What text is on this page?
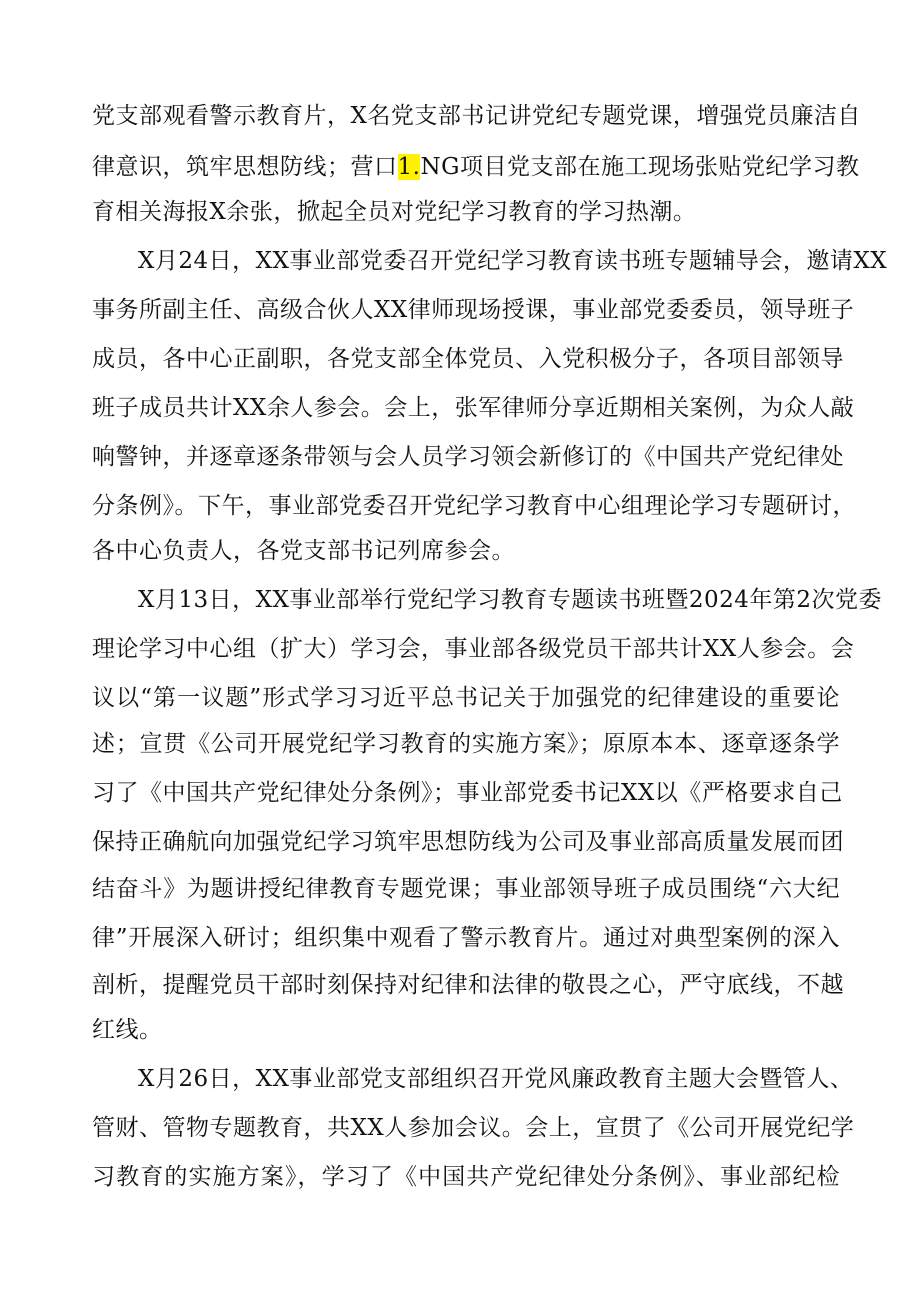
党支部观看警示教育片，X名党支部书记讲党纪专题党课，增强党员廉洁自
律意识，筑牢思想防线；营口1.NG项目党支部在施工现场张贴党纪学习教
育相关海报X余张，掀起全员对党纪学习教育的学习热潮。
X月24日，XX事业部党委召开党纪学习教育读书班专题辅导会，邀请XX
事务所副主任、高级合伙人XX律师现场授课，事业部党委委员，领导班子
成员，各中心正副职，各党支部全体党员、入党积极分子，各项目部领导
班子成员共计XX余人参会。会上，张军律师分享近期相关案例，为众人敲
响警钟，并逐章逐条带领与会人员学习领会新修订的《中国共产党纪律处
分条例》。下午，事业部党委召开党纪学习教育中心组理论学习专题研讨，
各中心负责人，各党支部书记列席参会。
X月13日，XX事业部举行党纪学习教育专题读书班暨2024年第2次党委
理论学习中心组（扩大）学习会，事业部各级党员干部共计XX人参会。会
议以“第一议题”形式学习习近平总书记关于加强党的纪律建设的重要论
述；宣贯《公司开展党纪学习教育的实施方案》；原原本本、逐章逐条学
习了《中国共产党纪律处分条例》；事业部党委书记XX以《严格要求自己
保持正确航向加强党纪学习筑牢思想防线为公司及事业部高质量发展而团
结奋斗》为题讲授纪律教育专题党课；事业部领导班子成员围绕“六大纪
律”开展深入研讨；组织集中观看了警示教育片。通过对典型案例的深入
剖析，提醒党员干部时刻保持对纪律和法律的敬畏之心，严守底线，不越
红线。
X月26日，XX事业部党支部组织召开党风廉政教育主题大会暨管人、
管财、管物专题教育，共XX人参加会议。会上，宣贯了《公司开展党纪学
习教育的实施方案》，学习了《中国共产党纪律处分条例》、事业部纪检
